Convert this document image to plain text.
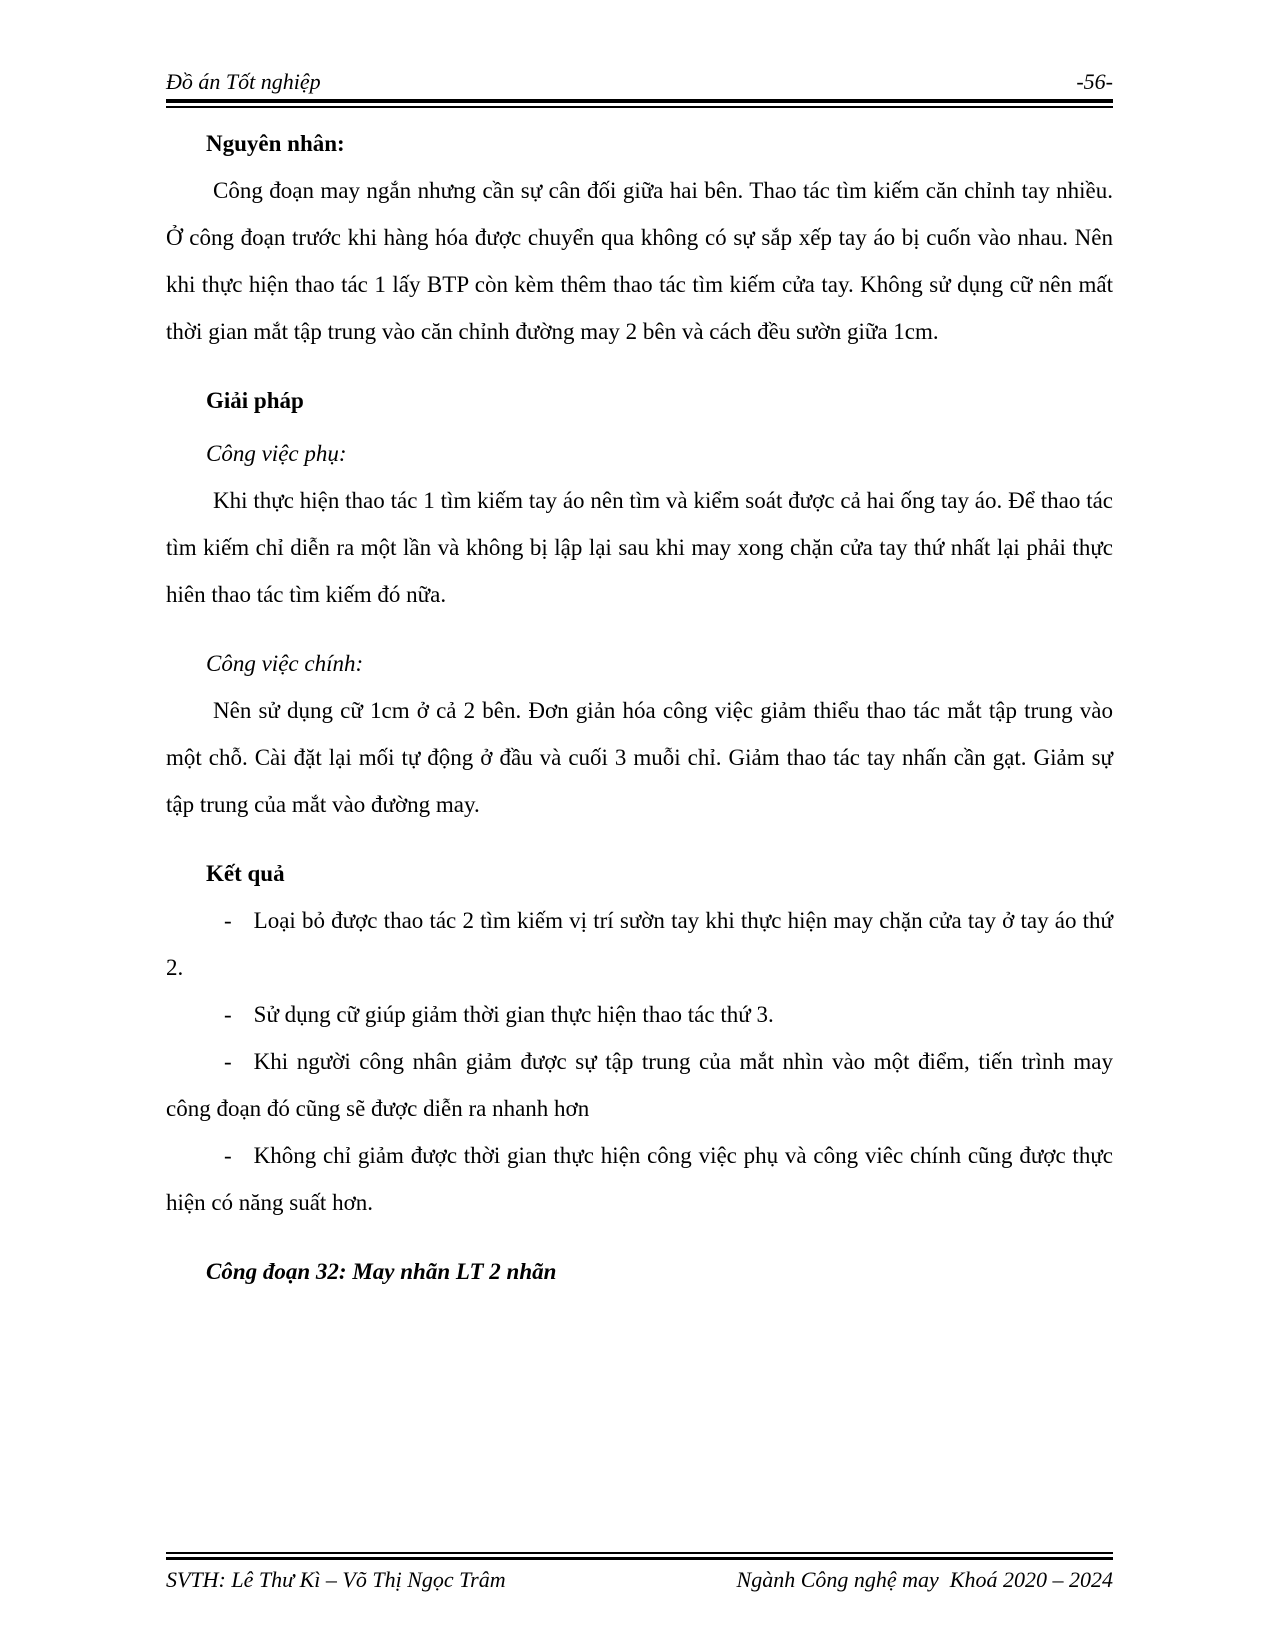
Đồ án Tốt nghiệp	-56-

Nguyên nhân:

Công đoạn may ngắn nhưng cần sự cân đối giữa hai bên. Thao tác tìm kiếm căn chỉnh tay nhiều. Ở công đoạn trước khi hàng hóa được chuyển qua không có sự sắp xếp tay áo bị cuốn vào nhau. Nên khi thực hiện thao tác 1 lấy BTP còn kèm thêm thao tác tìm kiếm cửa tay. Không sử dụng cữ nên mất thời gian mắt tập trung vào căn chỉnh đường may 2 bên và cách đều sườn giữa 1cm.

Giải pháp

Công việc phụ:

Khi thực hiện thao tác 1 tìm kiếm tay áo nên tìm và kiểm soát được cả hai ống tay áo. Để thao tác tìm kiếm chỉ diễn ra một lần và không bị lập lại sau khi may xong chặn cửa tay thứ nhất lại phải thực hiên thao tác tìm kiếm đó nữa.

Công việc chính:

Nên sử dụng cữ 1cm ở cả 2 bên. Đơn giản hóa công việc giảm thiểu thao tác mắt tập trung vào một chỗ. Cài đặt lại mối tự động ở đầu và cuối 3 muỗi chỉ. Giảm thao tác tay nhấn cần gạt. Giảm sự tập trung của mắt vào đường may.

Kết quả

- Loại bỏ được thao tác 2 tìm kiếm vị trí sườn tay khi thực hiện may chặn cửa tay ở tay áo thứ 2.

- Sử dụng cữ giúp giảm thời gian thực hiện thao tác thứ 3.

- Khi người công nhân giảm được sự tập trung của mắt nhìn vào một điểm, tiến trình may công đoạn đó cũng sẽ được diễn ra nhanh hơn

- Không chỉ giảm được thời gian thực hiện công việc phụ và công viêc chính cũng được thực hiện có năng suất hơn.

Công đoạn 32: May nhãn LT 2 nhãn

SVTH: Lê Thư Kì – Võ Thị Ngọc Trâm	Ngành Công nghệ may  Khoá 2020 – 2024
